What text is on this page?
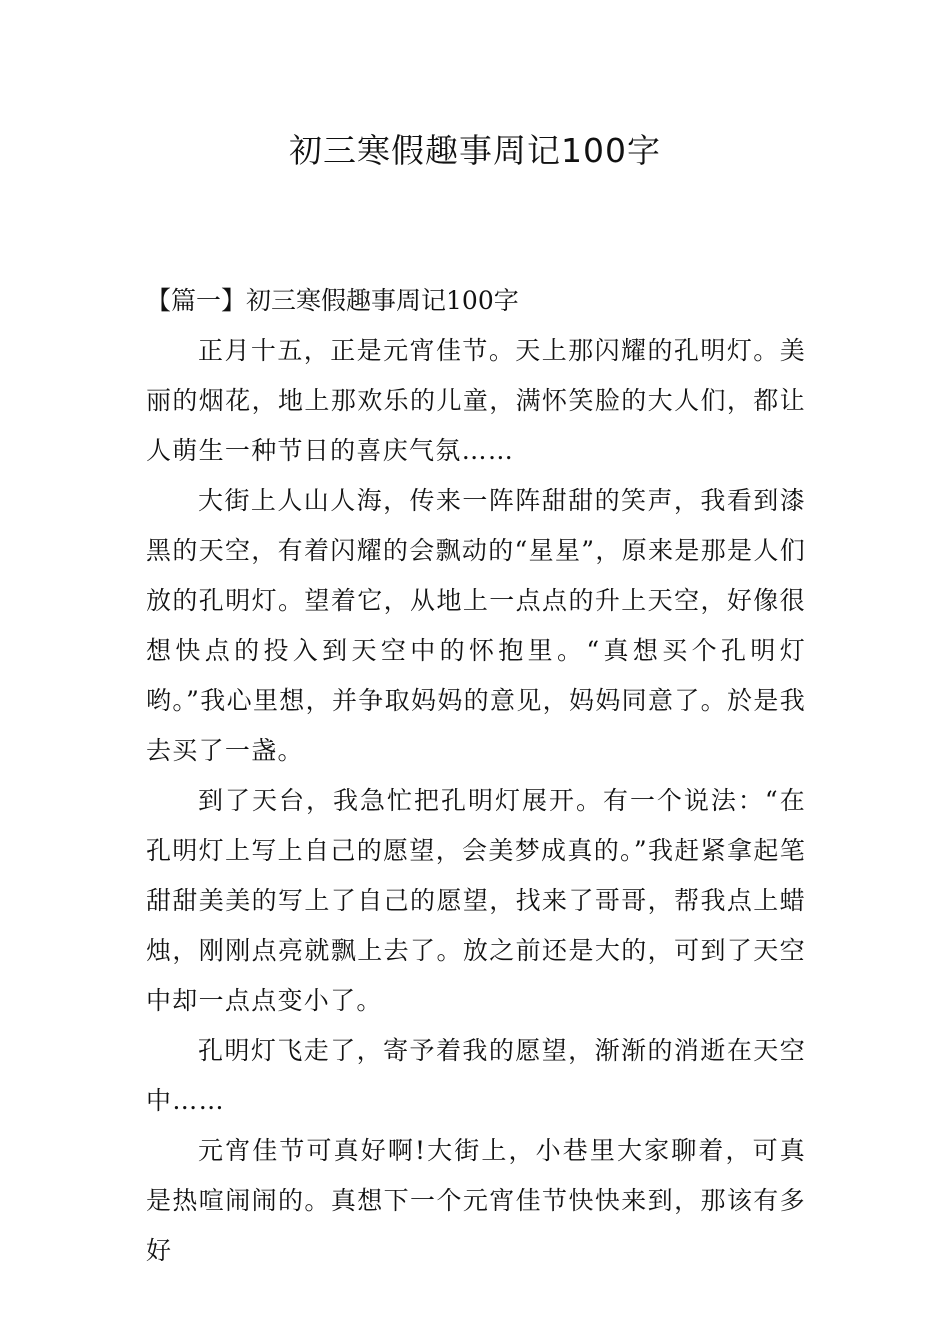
初三寒假趣事周记100字
【篇一】初三寒假趣事周记100字

正月十五，正是元宵佳节。天上那闪耀的孔明灯。美丽的烟花，地上那欢乐的儿童，满怀笑脸的大人们，都让人萌生一种节日的喜庆气氛……

大街上人山人海，传来一阵阵甜甜的笑声，我看到漆黑的天空，有着闪耀的会飘动的“星星”，原来是那是人们放的孔明灯。望着它，从地上一点点的升上天空，好像很想快点的投入到天空中的怀抱里。“真想买个孔明灯哟。”我心里想，并争取妈妈的意见，妈妈同意了。於是我去买了一盏。

到了天台，我急忙把孔明灯展开。有一个说法：“在孔明灯上写上自己的愿望，会美梦成真的。”我赶紧拿起笔甜甜美美的写上了自己的愿望，找来了哥哥，帮我点上蜡烛，刚刚点亮就飘上去了。放之前还是大的，可到了天空中却一点点变小了。

孔明灯飞走了，寄予着我的愿望，渐渐的消逝在天空中……

元宵佳节可真好啊!大街上，小巷里大家聊着，可真是热喧闹闹的。真想下一个元宵佳节快快来到，那该有多好
